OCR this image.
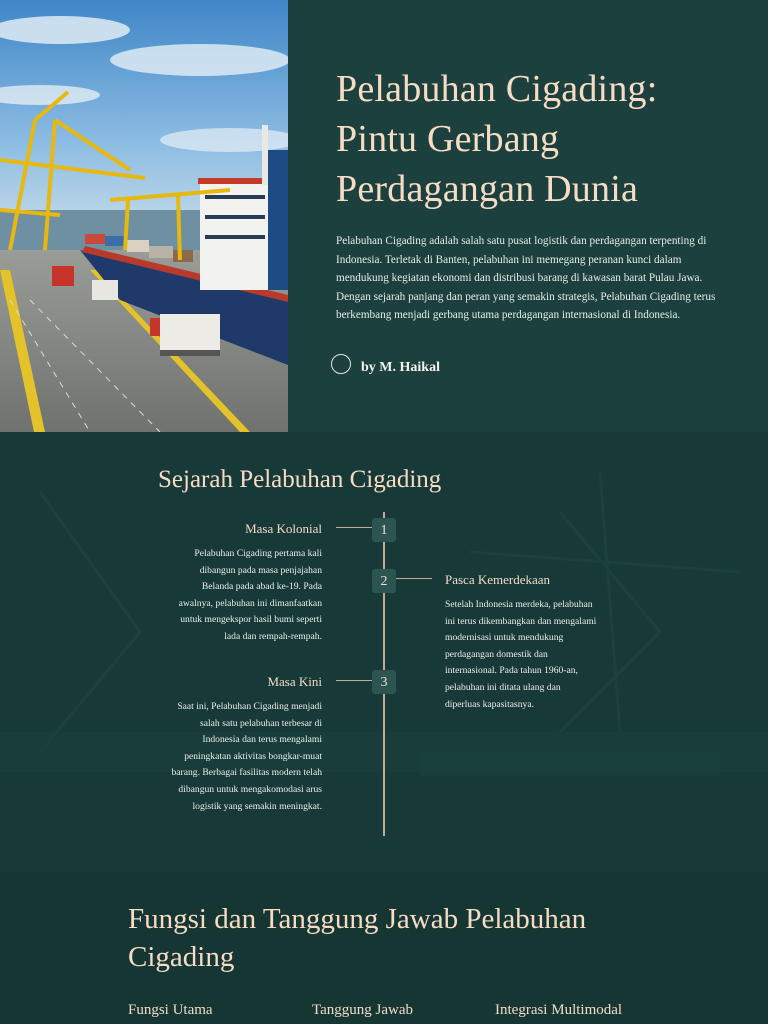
Pelabuhan Cigading:
Pintu Gerbang
Perdagangan Dunia

Pelabuhan Cigading adalah salah satu pusat logistik dan perdagangan terpenting di Indonesia. Terletak di Banten, pelabuhan ini memegang peranan kunci dalam mendukung kegiatan ekonomi dan distribusi barang di kawasan barat Pulau Jawa. Dengan sejarah panjang dan peran yang semakin strategis, Pelabuhan Cigading terus berkembang menjadi gerbang utama perdagangan internasional di Indonesia.

by M. Haikal
Sejarah Pelabuhan Cigading
1
Masa Kolonial
Pelabuhan Cigading pertama kali
dibangun pada masa penjajahan
Belanda pada abad ke-19. Pada
awalnya, pelabuhan ini dimanfaatkan
untuk mengekspor hasil bumi seperti
lada dan rempah-rempah.
2	Pasca Kemerdekaan
Setelah Indonesia merdeka, pelabuhan
ini terus dikembangkan dan mengalami
modernisasi untuk mendukung
perdagangan domestik dan
internasional. Pada tahun 1960-an,
pelabuhan ini ditata ulang dan
diperluas kapasitasnya.
3
Masa Kini
Saat ini, Pelabuhan Cigading menjadi
salah satu pelabuhan terbesar di
Indonesia dan terus mengalami
peningkatan aktivitas bongkar-muat
barang. Berbagai fasilitas modern telah
dibangun untuk mengakomodasi arus
logistik yang semakin meningkat.
Fungsi dan Tanggung Jawab Pelabuhan Cigading
Fungsi Utama	Tanggung Jawab	Integrasi Multimodal
